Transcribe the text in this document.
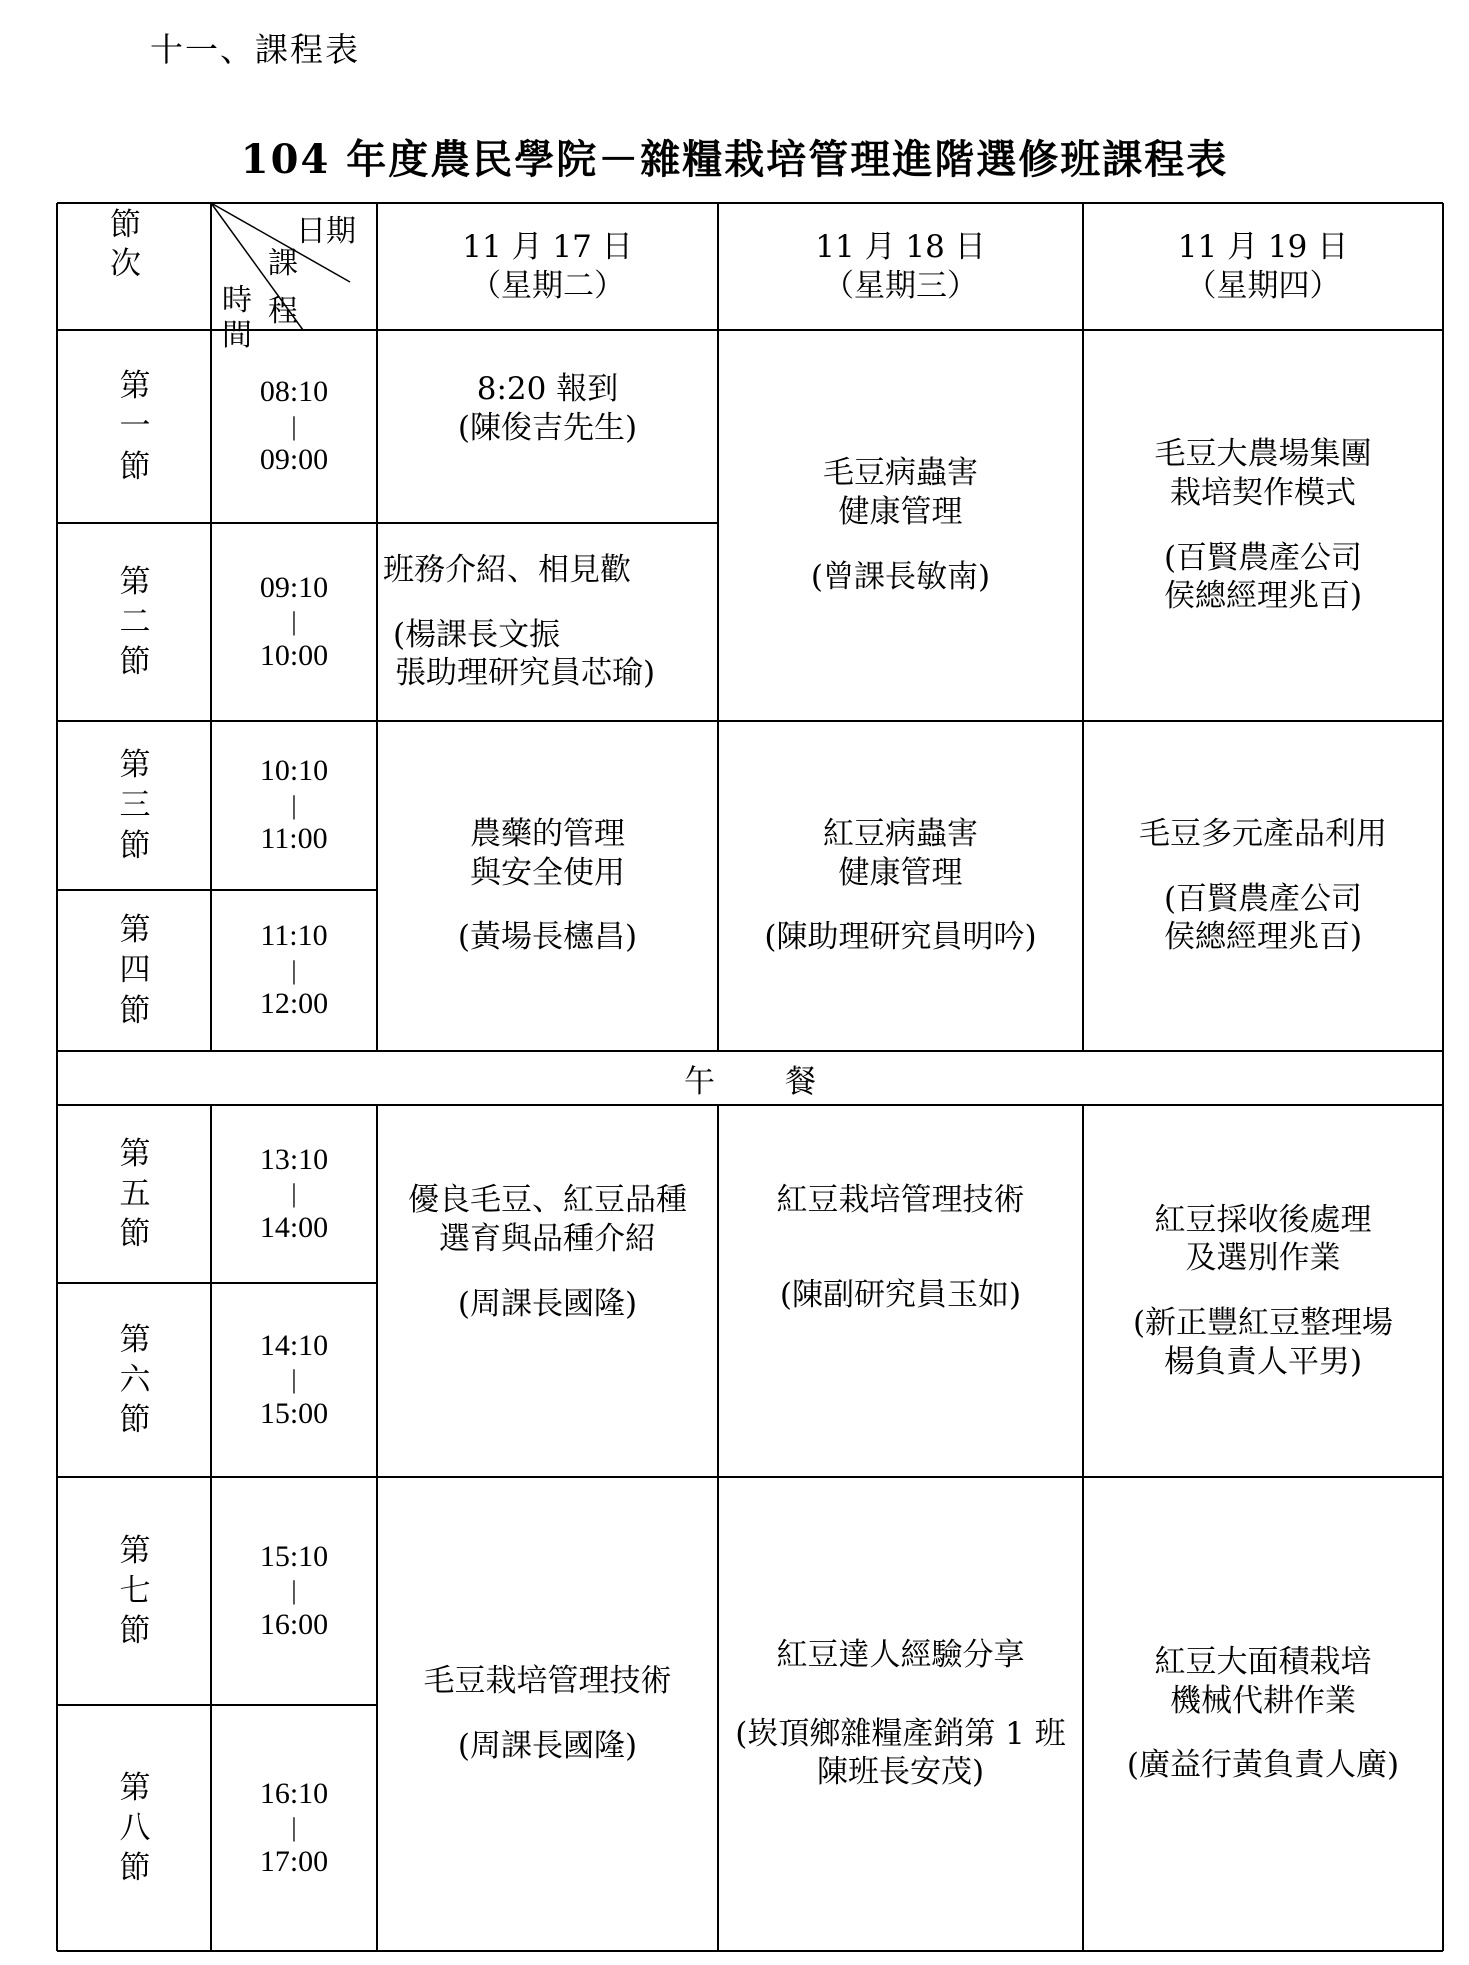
十一、課程表
104 年度農民學院－雜糧栽培管理進階選修班課程表
節次
日期
時間
課程
11 月 17 日
（星期二）
11 月 18 日
（星期三）
11 月 19 日
（星期四）
第一節
第二節
第三節
第四節
第五節
第六節
第七節
第八節
08:10
|
09:00
09:10
|
10:00
10:10
|
11:00
11:10
|
12:00
13:10
|
14:00
14:10
|
15:00
15:10
|
16:00
16:10
|
17:00
午 餐
8:20 報到
(陳俊吉先生)
班務介紹、相見歡
(楊課長文振
張助理研究員芯瑜)
農藥的管理
與安全使用
(黃場長櫶昌)
優良毛豆、紅豆品種
選育與品種介紹
(周課長國隆)
毛豆栽培管理技術
(周課長國隆)
毛豆病蟲害
健康管理
(曾課長敏南)
紅豆病蟲害
健康管理
(陳助理研究員明吟)
紅豆栽培管理技術
(陳副研究員玉如)
紅豆達人經驗分享
(崁頂鄉雜糧產銷第 1 班
陳班長安茂)
毛豆大農場集團
栽培契作模式
(百賢農產公司
侯總經理兆百)
毛豆多元產品利用
(百賢農產公司
侯總經理兆百)
紅豆採收後處理
及選別作業
(新正豐紅豆整理場
楊負責人平男)
紅豆大面積栽培
機械代耕作業
(廣益行黃負責人廣)
